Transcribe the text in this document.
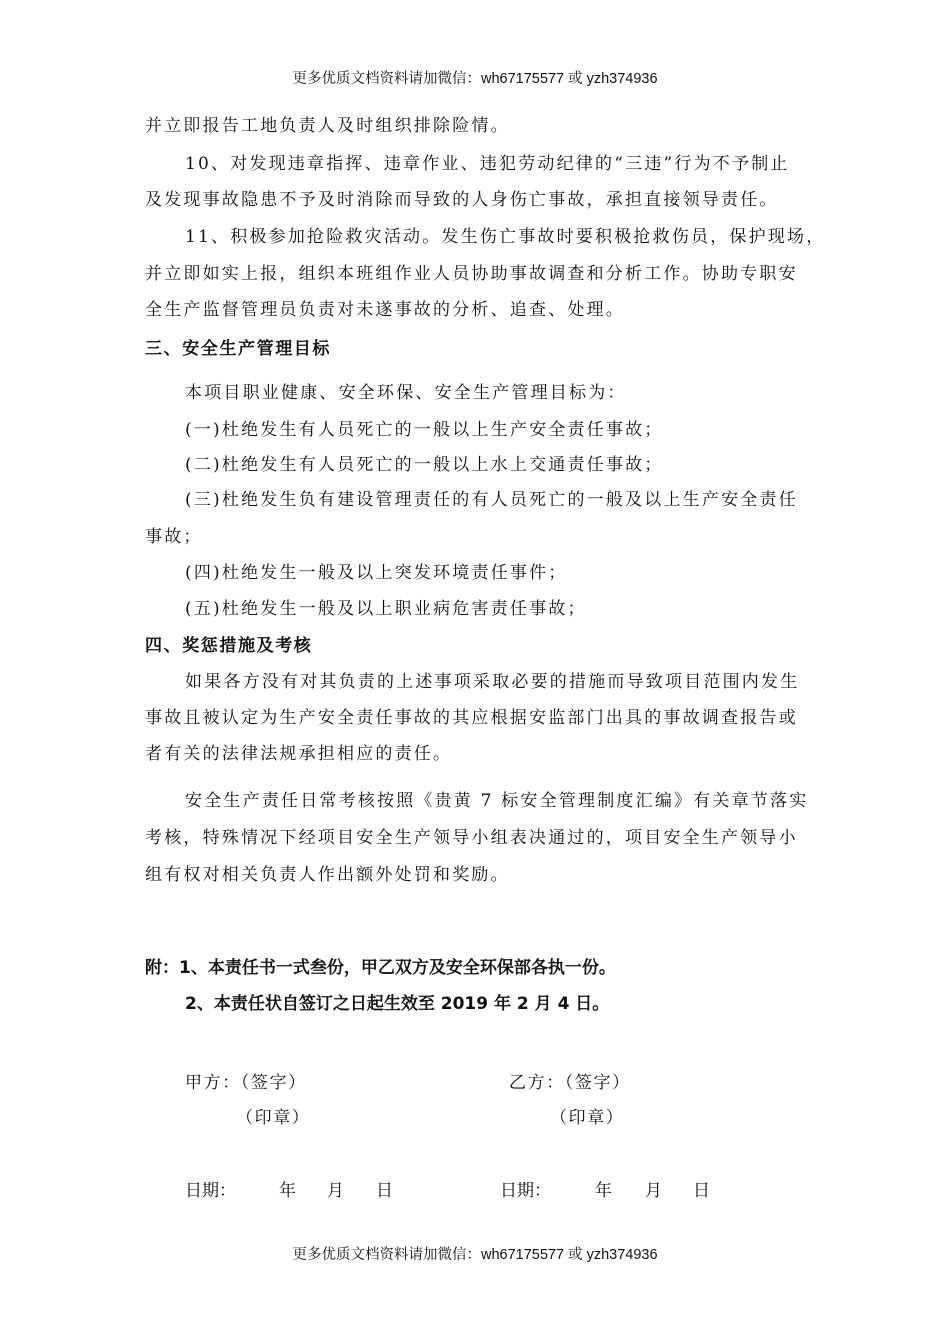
更多优质文档资料请加微信：wh67175577 或 yzh374936
并立即报告工地负责人及时组织排除险情。
10、对发现违章指挥、违章作业、违犯劳动纪律的“三违”行为不予制止
及发现事故隐患不予及时消除而导致的人身伤亡事故，承担直接领导责任。
11、积极参加抢险救灾活动。发生伤亡事故时要积极抢救伤员，保护现场，
并立即如实上报，组织本班组作业人员协助事故调查和分析工作。协助专职安
全生产监督管理员负责对未遂事故的分析、追查、处理。
三、安全生产管理目标
本项目职业健康、安全环保、安全生产管理目标为：
(一)杜绝发生有人员死亡的一般以上生产安全责任事故；
(二)杜绝发生有人员死亡的一般以上水上交通责任事故；
(三)杜绝发生负有建设管理责任的有人员死亡的一般及以上生产安全责任
事故；
(四)杜绝发生一般及以上突发环境责任事件；
(五)杜绝发生一般及以上职业病危害责任事故；
四、奖惩措施及考核
如果各方没有对其负责的上述事项采取必要的措施而导致项目范围内发生
事故且被认定为生产安全责任事故的其应根据安监部门出具的事故调查报告或
者有关的法律法规承担相应的责任。
安全生产责任日常考核按照《贵黄 7 标安全管理制度汇编》有关章节落实
考核，特殊情况下经项目安全生产领导小组表决通过的，项目安全生产领导小
组有权对相关负责人作出额外处罚和奖励。
附：1、本责任书一式叁份，甲乙双方及安全环保部各执一份。
2、本责任状自签订之日起生效至 2019 年 2 月 4 日。
甲方：（签字）	乙方：（签字）
（印章）	（印章）
日期：	年 月 日	日期：	年 月 日
更多优质文档资料请加微信：wh67175577 或 yzh374936
